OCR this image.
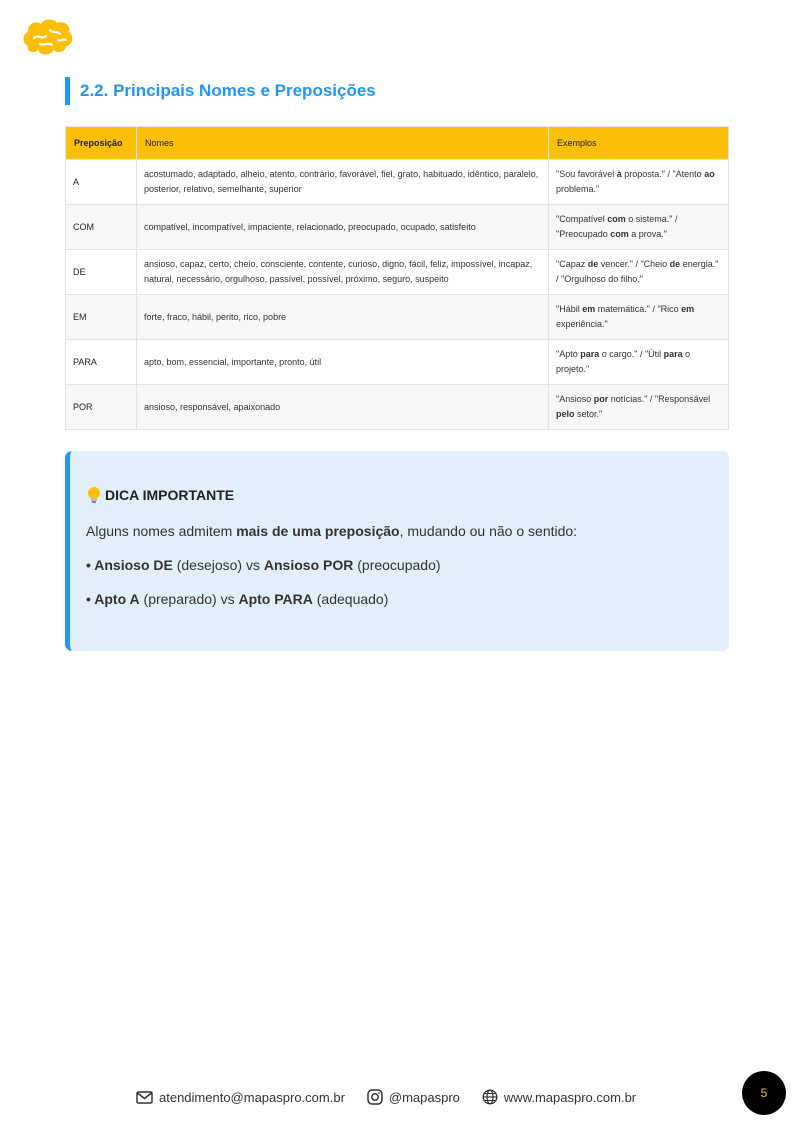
2.2. Principais Nomes e Preposições
Preposição	Nomes	Exemplos
A	acostumado, adaptado, alheio, atento, contrário, favorável, fiel, grato, habituado, idêntico, paralelo, posterior, relativo, semelhante, superior	"Sou favorável à proposta." / "Atento ao problema."
COM	compatível, incompatível, impaciente, relacionado, preocupado, ocupado, satisfeito	"Compatível com o sistema." / "Preocupado com a prova."
DE	ansioso, capaz, certo, cheio, consciente, contente, curioso, digno, fácil, feliz, impossível, incapaz, natural, necessário, orgulhoso, passível, possível, próximo, seguro, suspeito	"Capaz de vencer." / "Cheio de energia." / "Orgulhoso do filho."
EM	forte, fraco, hábil, perito, rico, pobre	"Hábil em matemática." / "Rico em experiência."
PARA	apto, bom, essencial, importante, pronto, útil	"Apto para o cargo." / "Útil para o projeto."
POR	ansioso, responsável, apaixonado	"Ansioso por notícias." / "Responsável pelo setor."
DICA IMPORTANTE

Alguns nomes admitem mais de uma preposição, mudando ou não o sentido:

• Ansioso DE (desejoso) vs Ansioso POR (preocupado)

• Apto A (preparado) vs Apto PARA (adequado)

atendimento@mapaspro.com.br	@mapaspro	www.mapaspro.com.br	5
